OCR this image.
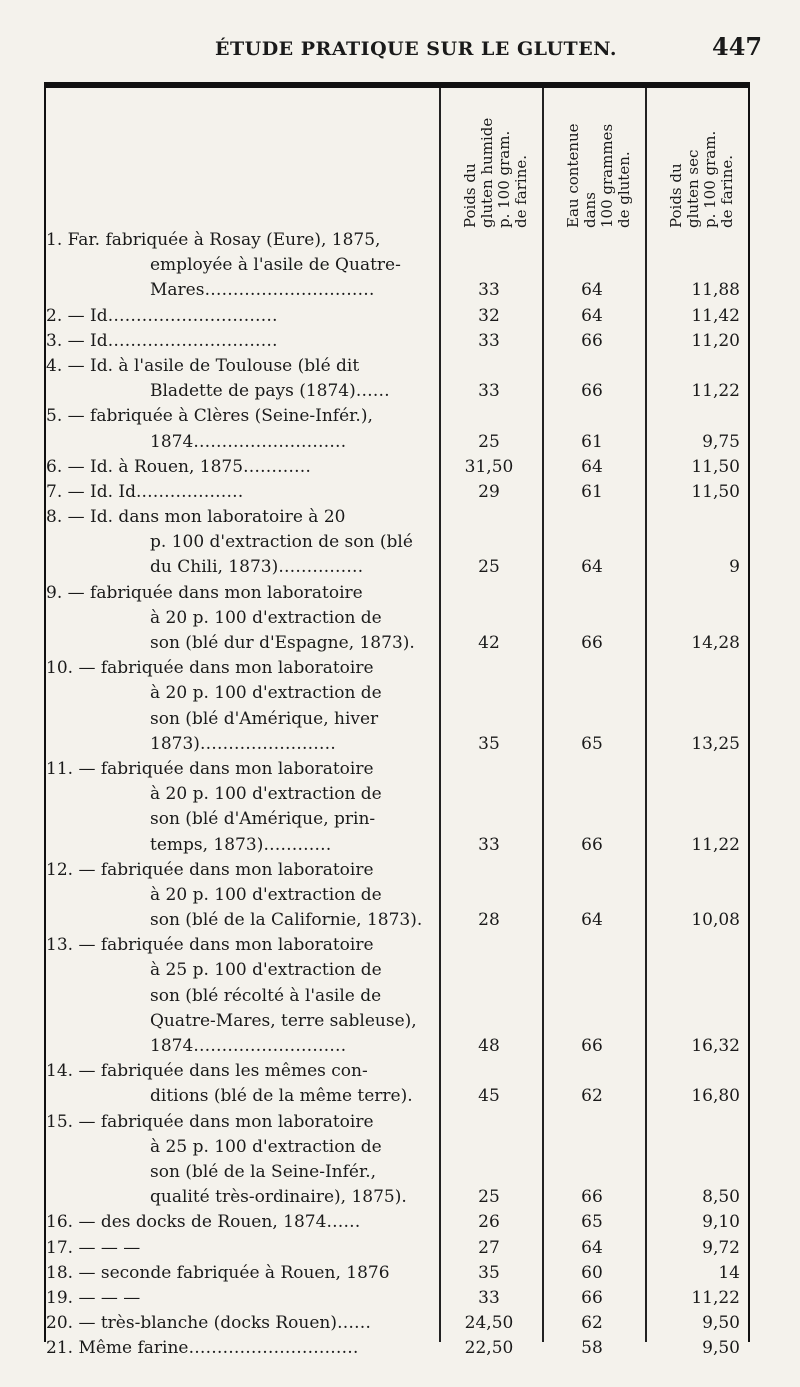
ÉTUDE PRATIQUE SUR LE GLUTEN.	447
Poids du gluten humide p. 100 gram. de farine. Eau contenue dans 100 grammes de gluten. Poids du gluten sec p. 100 gram. de farine.
1. Far. fabriquée à Rosay (Eure), 1875,
employée à l'asile de Quatre-
Mares…………………………	33	64	11,88
2. — Id…………………………	32	64	11,42
3. — Id…………………………	33	66	11,20
4. — Id. à l'asile de Toulouse (blé dit
Bladette de pays (1874)……	33	66	11,22
5. — fabriquée à Clères (Seine-Infér.),
1874………………………	25	61	9,75
6. — Id. à Rouen, 1875…………	31,50	64	11,50
7. — Id. Id.………………	29	61	11,50
8. — Id. dans mon laboratoire à 20
p. 100 d'extraction de son (blé
du Chili, 1873)……………	25	64	9
9. — fabriquée dans mon laboratoire
à 20 p. 100 d'extraction de
son (blé dur d'Espagne, 1873).	42	66	14,28
10. — fabriquée dans mon laboratoire
à 20 p. 100 d'extraction de
son (blé d'Amérique, hiver
1873)……………………	35	65	13,25
11. — fabriquée dans mon laboratoire
à 20 p. 100 d'extraction de
son (blé d'Amérique, prin-
temps, 1873)…………	33	66	11,22
12. — fabriquée dans mon laboratoire
à 20 p. 100 d'extraction de
son (blé de la Californie, 1873).	28	64	10,08
13. — fabriquée dans mon laboratoire
à 25 p. 100 d'extraction de
son (blé récolté à l'asile de
Quatre-Mares, terre sableuse),
1874………………………	48	66	16,32
14. — fabriquée dans les mêmes con-
ditions (blé de la même terre).	45	62	16,80
15. — fabriquée dans mon laboratoire
à 25 p. 100 d'extraction de
son (blé de la Seine-Infér.,
qualité très-ordinaire), 1875).	25	66	8,50
16. — des docks de Rouen, 1874……	26	65	9,10
17. — — —	27	64	9,72
18. — seconde fabriquée à Rouen, 1876	35	60	14
19. — — —	33	66	11,22
20. — très-blanche (docks Rouen)……	24,50	62	9,50
21. Même farine…………………………	22,50	58	9,50
